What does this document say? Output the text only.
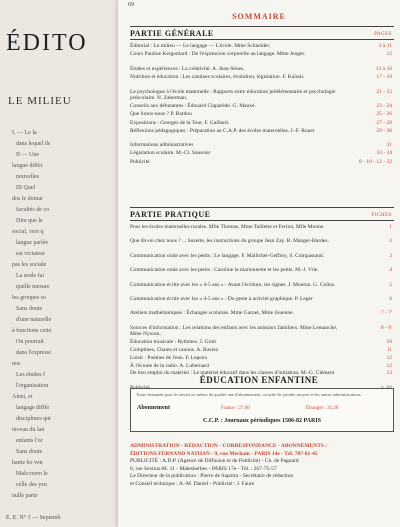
ÉDITO
LE MILIEU
I. — Le la
dans lequel ils
II — Une
langue différ
nouvelles
III Quel
dos le domai
facultés de co
Dire que le
social, vers q
langue parlée
est viciateur
pas les sociale
La seule fai
quelle mesure
les groupes so
Sans doute
d'une naturelle
à fonctions cette
On pourrait
dans l'expressi
nos
Les études f
l'organisation
Ainsi, et
langage différ
disciplines qui
niveau du lan
enfants l'or
Sans doute
hante bo ven
Malcovern le
celle des yeu
nulle parte
E. E. N° 1 — Septemb
69
SOMMAIRE
PARTIE GÉNÉRALE	PAGES
Éditorial : Le milieu — Le langage — L'école. Mme Schneider.	3 à 11
Cours Pauline Kergomard : De l'expression corporelle au langage. Mme Jenger.	12
Études et expériences : La créativité. A. Jean-Sénes.	13 à 16
Nutrition et éducation : Les cantines scolaires, évolution, législation. F. Kaïssis	17 - 18
Le psychologue à l'école maternelle : Rapports entre éducation préélémentaire et psychologie préscolaire. N. Zaberman.
21 - 22
Conseils aux débutantes : Édouard Claparède. G. Mauxé.	23 - 24
Que lirons-nous ? P. Bardou	25 - 26
Expositions : Georges de la Tour. F. Gaillard.	27 - 28
Réflexions pédagogiques : Préparation au C.A.P. des écoles maternelles. J.-F. Rouet	29 - 30
Informations administratives	31
Législation scolaire. M.-Cl. Saussier	33 - 34
Publicité	8 - 10 - 12 - 32
PARTIE PRATIQUE	FICHES
Pour les écoles maternelles rurales. Mlle Thomas, Mme Taillette et Ferron, Mlle Monne.	1
Que dit-on chez nous ? ... Suzette, les instructions du groupe Jean Zay. R. Manger-Hardes.	2
Communication orale avec les petits : Le langage. F. Mallichet-Geffroy, S. Compastand.	3
Communication orale avec les petits : Caroline la marionnette et les petits. M.-J. Vrie.	4
Communication écrite avec les « 4-5 ans » : Avant l'écriture, les signes. J. Mouton. G. Colins.	5
Communication écrite avec les « 4-5 ans » : Du geste à activité graphique. P. Leger	6
Ateliers mathématiques : Échanges scolaires. Mme Garnet, Mme Jouenne.	7 - 7'
Sources d'information : Les relations des enfants avec les animaux familiers. Mme Lemanché, Mme Nyurau.
8 - 8'
Éducation musicale : Rythmes. J. Grolr	10
Comptines, Chants et canons. A. Raviez	11
Loisir : Poèmes de l'eau. F. Lepeux	12
À l'écoute de la radio. A. Lubernard	12
De bon emploi du matériel : Le matériel éducatif dans les classes d'initiation. M.-G. Clément	13
ÉDUCATION ENFANTINE
Toute demande pour le travail ou même de qualité une d'abonnement, ou utile de joindre un prix et les autres administrations.
Abonnement	France : 27,00	Étranger : 31,20
C.C.P. : Journaux périodiques 1506-82 PARIS
ADMINISTRATION - RÉDACTION - CORRESPONDANCE - ABONNEMENTS :
ÉDITIONS FERNAND NATHAN - 9, rue Méchain - PARIS 14e - Tél. 707-81-45
PUBLICITÉ : A.D.P. (Agence de Diffusion et de Publicité) - Ch. de Pagnard
6, rue Sextius-M. 11 - Malesherbes - PARIS 17e - Tél. : 267-75-57
Le Directeur de la publication : Pierre de Saporta - Secrétaire de rédaction
et Conseil technique : A.-M. Daniel - Publicité : J. Faure
